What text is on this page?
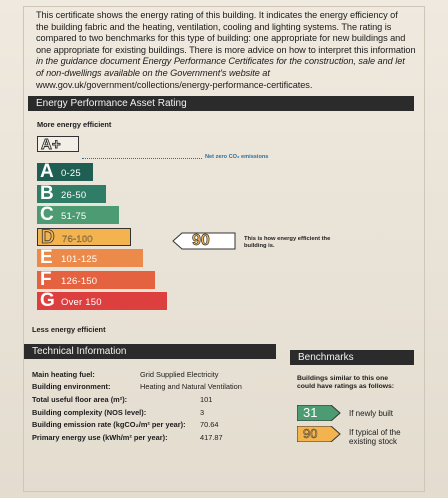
This certificate shows the energy rating of this building. It indicates the energy efficiency of
the building fabric and the heating, ventilation, cooling and lighting systems. The rating is
compared to two benchmarks for this type of building: one appropriate for new buildings and
one appropriate for existing buildings. There is more advice on how to interpret this information
in the guidance document Energy Performance Certificates for the construction, sale and let
of non-dwellings available on the Government's website at
www.gov.uk/government/collections/energy-performance-certificates.
Energy Performance Asset Rating
More energy efficient
A+
Net zero CO₂ emissions
A 0-25
B 26-50
C 51-75
D 76-100
E 101-125
F 126-150
G Over 150
Less energy efficient
90	This is how energy efficient the building is.
Technical Information
Main heating fuel:	Grid Supplied Electricity
Building environment:	Heating and Natural Ventilation
Total useful floor area (m²):	101
Building complexity (NOS level):	3
Building emission rate (kgCO₂/m² per year): 70.64
Primary energy use (kWh/m² per year):	417.87
Benchmarks
Buildings similar to this one could have ratings as follows:
31	If newly built
90	If typical of the existing stock
